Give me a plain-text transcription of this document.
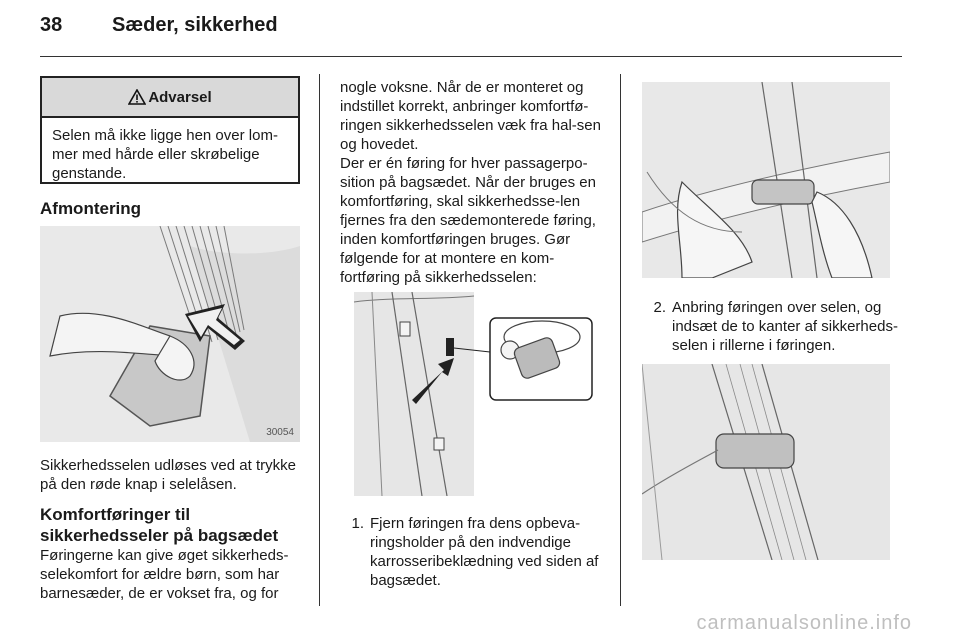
38 Sæder, sikkerhed
Advarsel
Selen må ikke ligge hen over lom-mer med hårde eller skrøbelige genstande.
Afmontering
30054
Sikkerhedsselen udløses ved at trykke på den røde knap i selelåsen.
Komfortføringer til sikkerhedsseler på bagsædet
Føringerne kan give øget sikkerheds-selekomfort for ældre børn, som har barnesæder, de er vokset fra, og for
nogle voksne. Når de er monteret og indstillet korrekt, anbringer komfortfø-ringen sikkerhedsselen væk fra hal-sen og hovedet.
Der er én føring for hver passagerpo-sition på bagsædet. Når der bruges en komfortføring, skal sikkerhedsse-len fjernes fra den sædemonterede føring, inden komfortføringen bruges. Gør følgende for at montere en kom-fortføring på sikkerhedsselen:
1. Fjern føringen fra dens opbeva-ringsholder på den indvendige karrosseribeklædning ved siden af bagsædet.
2. Anbring føringen over selen, og indsæt de to kanter af sikkerheds-selen i rillerne i føringen.
carmanualsonline.info
